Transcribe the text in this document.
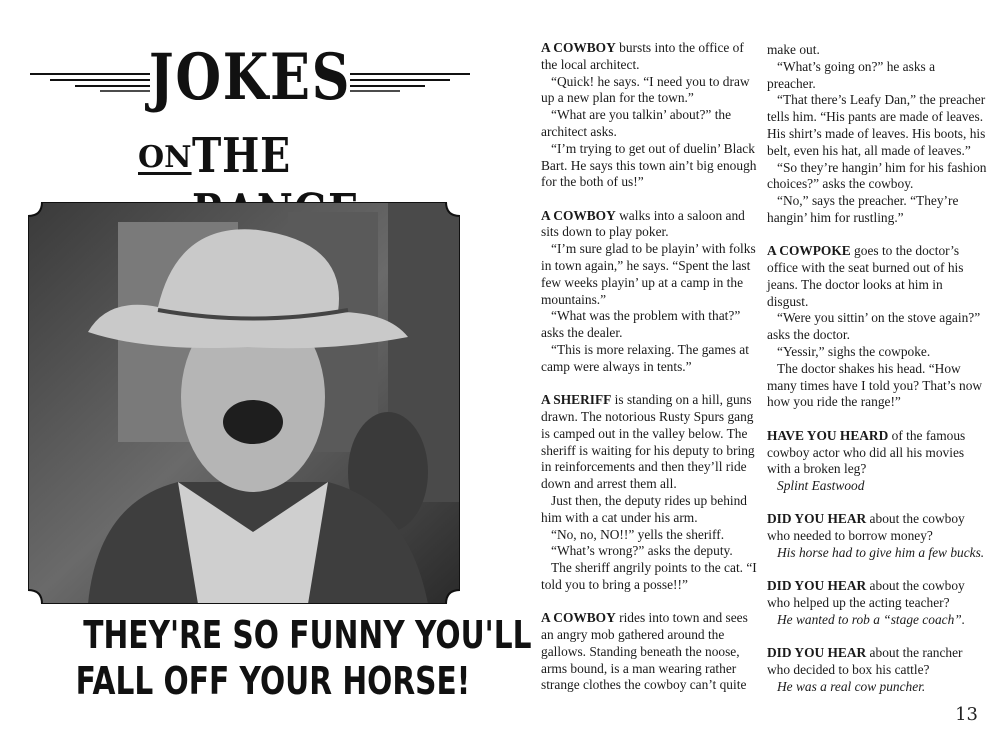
JOKES
ON THE
THEY'RE SO FUNNY YOU'LL
FALL OFF YOUR HORSE!

A COWBOY bursts into the office of the local architect.

“Quick! he says. “I need you to draw up a new plan for the town.”

“What are you talkin’ about?” the architect asks.

“I’m trying to get out of duelin’ Black Bart. He says this town ain’t big enough for the both of us!”

A COWBOY walks into a saloon and sits down to play poker.

“I’m sure glad to be playin’ with folks in town again,” he says. “Spent the last few weeks playin’ up at a camp in the mountains.”

“What was the problem with that?” asks the dealer.

“This is more relaxing. The games at camp were always in tents.”

A SHERIFF is standing on a hill, guns drawn. The notorious Rusty Spurs gang is camped out in the valley below. The sheriff is waiting for his deputy to bring in reinforcements and then they’ll ride down and arrest them all.

Just then, the deputy rides up behind him with a cat under his arm.

“No, no, NO!!” yells the sheriff.

“What’s wrong?” asks the deputy.

The sheriff angrily points to the cat. “I told you to bring a posse!!”

A COWBOY rides into town and sees an angry mob gathered around the gallows. Standing beneath the noose, arms bound, is a man wearing rather strange clothes the cowboy can’t quite

make out.

“What’s going on?” he asks a preacher.

“That there’s Leafy Dan,” the preacher tells him. “His pants are made of leaves. His shirt’s made of leaves. His boots, his belt, even his hat, all made of leaves.”

“So they’re hangin’ him for his fashion choices?” asks the cowboy.

“No,” says the preacher. “They’re hangin’ him for rustling.”

A COWPOKE goes to the doctor’s office with the seat burned out of his jeans. The doctor looks at him in disgust.

“Were you sittin’ on the stove again?” asks the doctor.

“Yessir,” sighs the cowpoke.

The doctor shakes his head. “How many times have I told you? That’s now how you ride the range!”

HAVE YOU HEARD of the famous cowboy actor who did all his movies with a broken leg?

Splint Eastwood

DID YOU HEAR about the cowboy who needed to borrow money?

His horse had to give him a few bucks.

DID YOU HEAR about the cowboy who helped up the acting teacher?

He wanted to rob a “stage coach”.

DID YOU HEAR about the rancher who decided to box his cattle?

He was a real cow puncher.

13
